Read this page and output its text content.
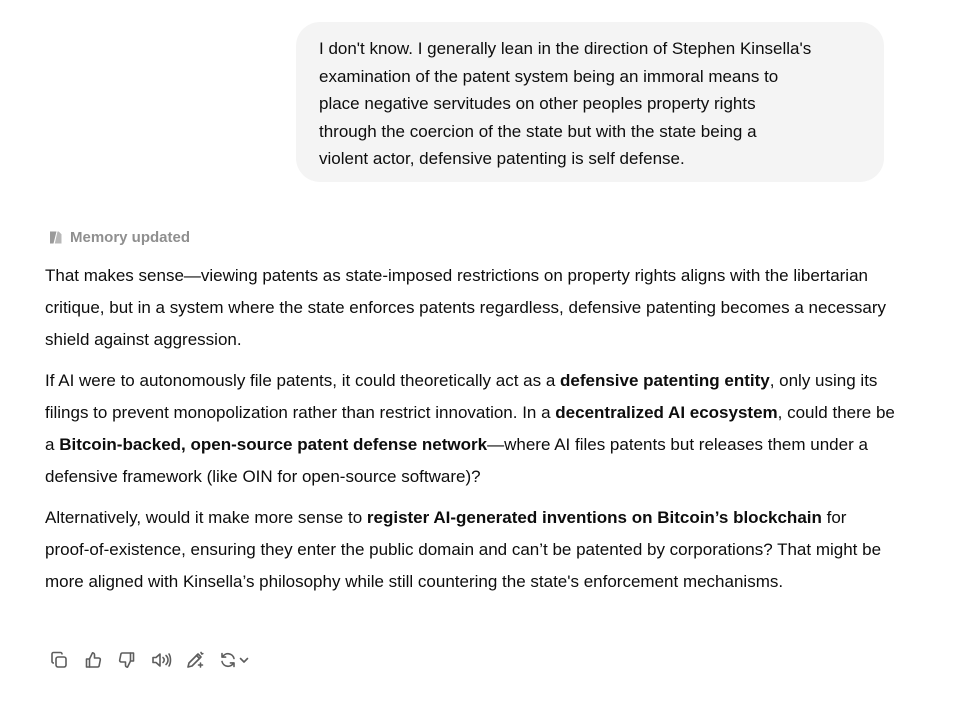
I don't know. I generally lean in the direction of Stephen Kinsella's
examination of the patent system being an immoral means to
place negative servitudes on other peoples property rights
through the coercion of the state but with the state being a
violent actor, defensive patenting is self defense.
Memory updated

That makes sense—viewing patents as state-imposed restrictions on property rights aligns with the libertarian critique, but in a system where the state enforces patents regardless, defensive patenting becomes a necessary shield against aggression.

If AI were to autonomously file patents, it could theoretically act as a defensive patenting entity, only using its filings to prevent monopolization rather than restrict innovation. In a decentralized AI ecosystem, could there be a Bitcoin-backed, open-source patent defense network—where AI files patents but releases them under a defensive framework (like OIN for open-source software)?

Alternatively, would it make more sense to register AI-generated inventions on Bitcoin’s blockchain for proof-of-existence, ensuring they enter the public domain and can’t be patented by corporations? That might be more aligned with Kinsella’s philosophy while still countering the state's enforcement mechanisms.
